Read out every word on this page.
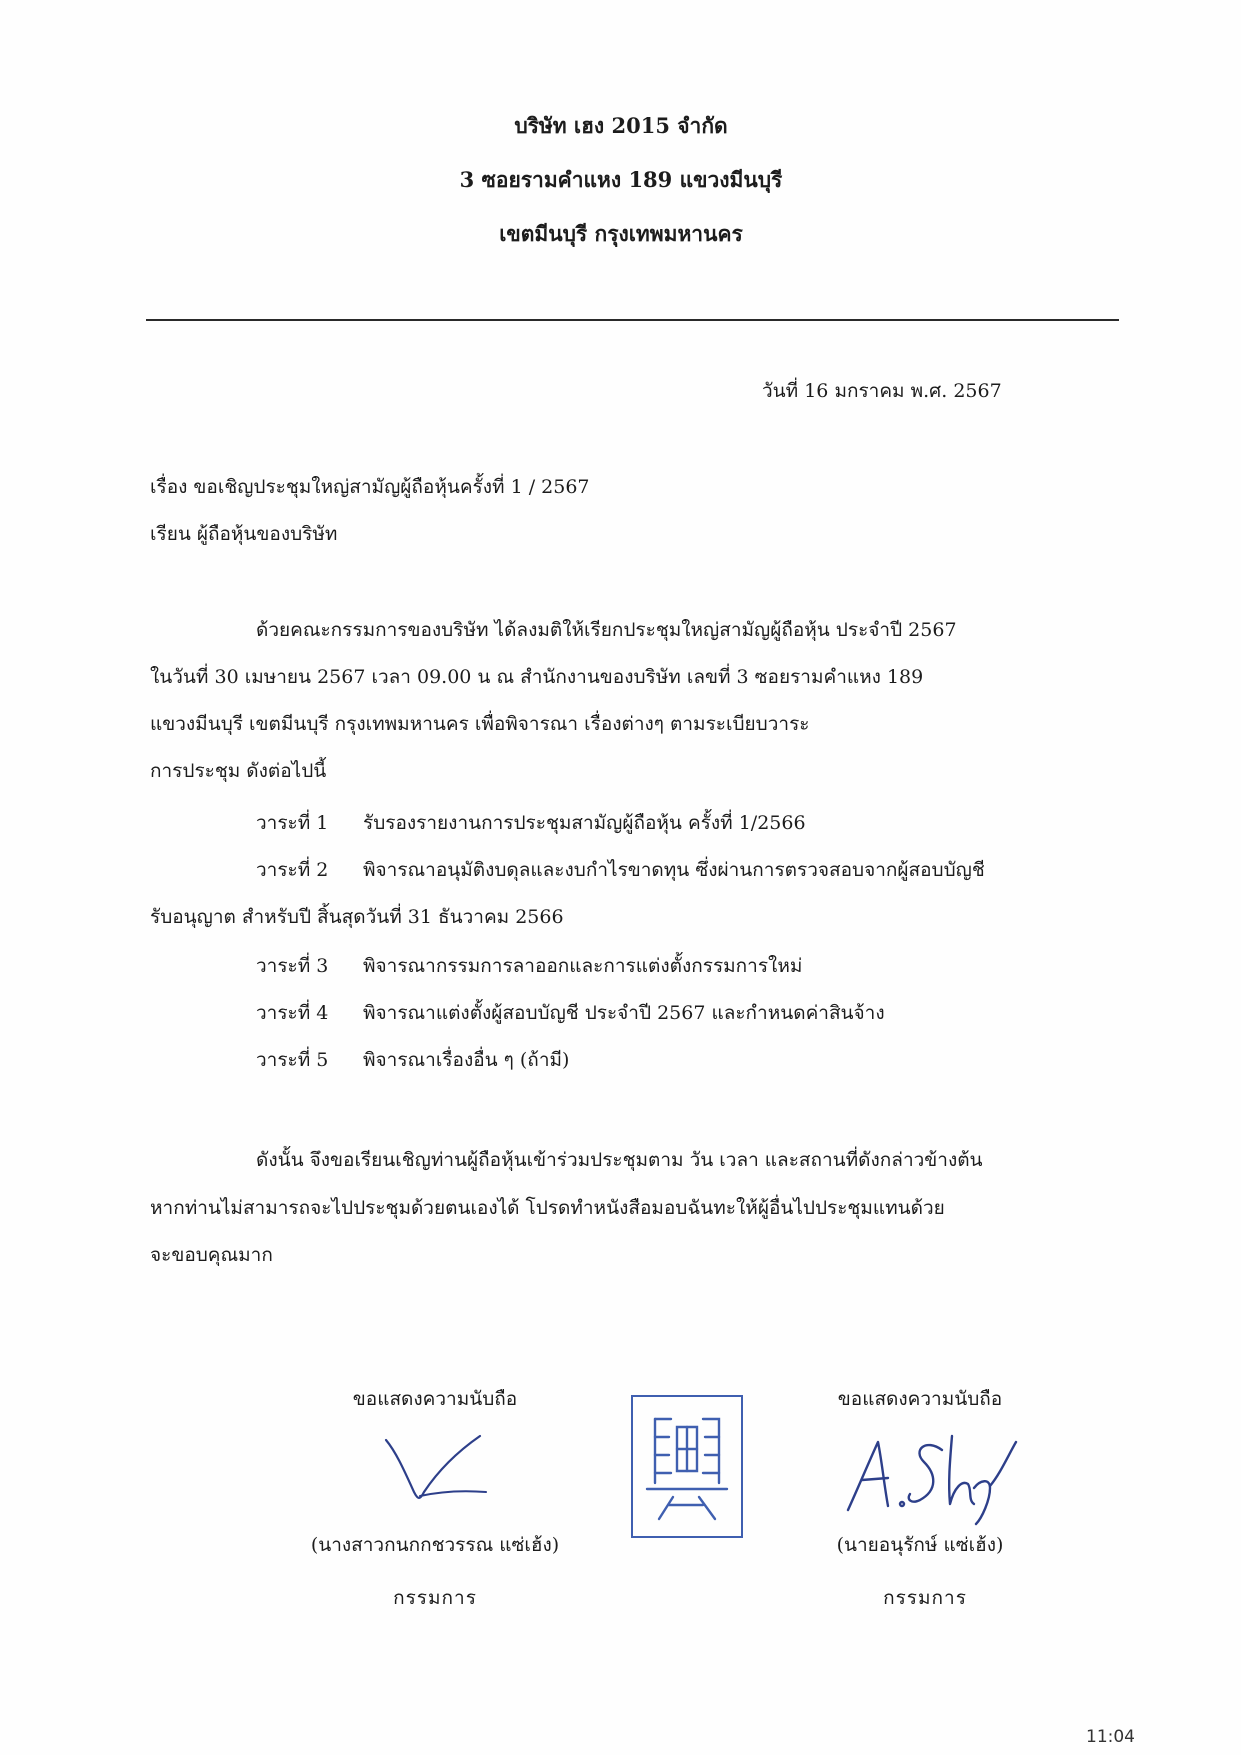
บริษัท เฮง 2015 จำกัด
3 ซอยรามคำแหง 189 แขวงมีนบุรี
เขตมีนบุรี กรุงเทพมหานคร
วันที่ 16 มกราคม พ.ศ. 2567
เรื่อง ขอเชิญประชุมใหญ่สามัญผู้ถือหุ้นครั้งที่ 1 / 2567
เรียน ผู้ถือหุ้นของบริษัท
ด้วยคณะกรรมการของบริษัท ได้ลงมติให้เรียกประชุมใหญ่สามัญผู้ถือหุ้น ประจำปี 2567
ในวันที่ 30 เมษายน 2567 เวลา 09.00 น ณ สำนักงานของบริษัท เลขที่ 3 ซอยรามคำแหง 189
แขวงมีนบุรี เขตมีนบุรี กรุงเทพมหานคร เพื่อพิจารณา เรื่องต่างๆ ตามระเบียบวาระ
การประชุม ดังต่อไปนี้
วาระที่ 1 รับรองรายงานการประชุมสามัญผู้ถือหุ้น ครั้งที่ 1/2566
วาระที่ 2 พิจารณาอนุมัติงบดุลและงบกำไรขาดทุน ซึ่งผ่านการตรวจสอบจากผู้สอบบัญชี
รับอนุญาต สำหรับปี สิ้นสุดวันที่ 31 ธันวาคม 2566
วาระที่ 3 พิจารณากรรมการลาออกและการแต่งตั้งกรรมการใหม่
วาระที่ 4 พิจารณาแต่งตั้งผู้สอบบัญชี ประจำปี 2567 และกำหนดค่าสินจ้าง
วาระที่ 5 พิจารณาเรื่องอื่น ๆ (ถ้ามี)
ดังนั้น จึงขอเรียนเชิญท่านผู้ถือหุ้นเข้าร่วมประชุมตาม วัน เวลา และสถานที่ดังกล่าวข้างต้น
หากท่านไม่สามารถจะไปประชุมด้วยตนเองได้ โปรดทำหนังสือมอบฉันทะให้ผู้อื่นไปประชุมแทนด้วย
จะขอบคุณมาก
ขอแสดงความนับถือ
(นางสาวกนกกชวรรณ แซ่เฮ้ง)
กรรมการ
ขอแสดงความนับถือ
(นายอนุรักษ์ แซ่เฮ้ง)
กรรมการ
11:04
